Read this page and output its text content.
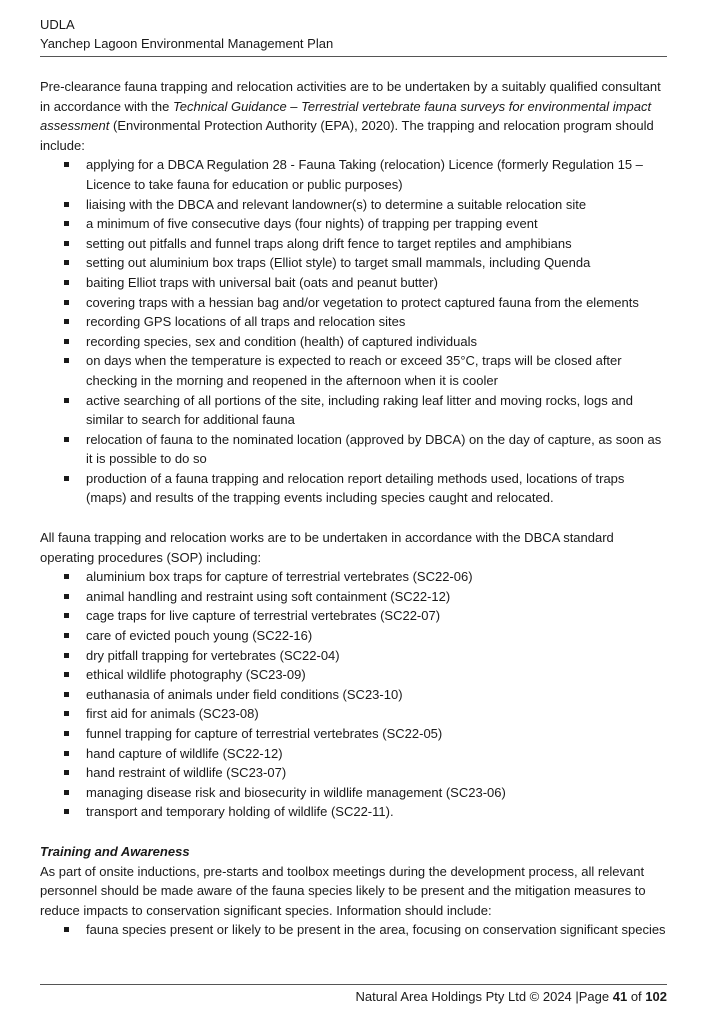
UDLA
Yanchep Lagoon Environmental Management Plan

Pre-clearance fauna trapping and relocation activities are to be undertaken by a suitably qualified consultant in accordance with the Technical Guidance – Terrestrial vertebrate fauna surveys for environmental impact assessment (Environmental Protection Authority (EPA), 2020). The trapping and relocation program should include:

applying for a DBCA Regulation 28 - Fauna Taking (relocation) Licence (formerly Regulation 15 – Licence to take fauna for education or public purposes)
liaising with the DBCA and relevant landowner(s) to determine a suitable relocation site
a minimum of five consecutive days (four nights) of trapping per trapping event
setting out pitfalls and funnel traps along drift fence to target reptiles and amphibians
setting out aluminium box traps (Elliot style) to target small mammals, including Quenda
baiting Elliot traps with universal bait (oats and peanut butter)
covering traps with a hessian bag and/or vegetation to protect captured fauna from the elements
recording GPS locations of all traps and relocation sites
recording species, sex and condition (health) of captured individuals
on days when the temperature is expected to reach or exceed 35°C, traps will be closed after checking in the morning and reopened in the afternoon when it is cooler
active searching of all portions of the site, including raking leaf litter and moving rocks, logs and similar to search for additional fauna
relocation of fauna to the nominated location (approved by DBCA) on the day of capture, as soon as it is possible to do so
production of a fauna trapping and relocation report detailing methods used, locations of traps (maps) and results of the trapping events including species caught and relocated.

All fauna trapping and relocation works are to be undertaken in accordance with the DBCA standard operating procedures (SOP) including:

aluminium box traps for capture of terrestrial vertebrates (SC22-06)
animal handling and restraint using soft containment (SC22-12)
cage traps for live capture of terrestrial vertebrates (SC22-07)
care of evicted pouch young (SC22-16)
dry pitfall trapping for vertebrates (SC22-04)
ethical wildlife photography (SC23-09)
euthanasia of animals under field conditions (SC23-10)
first aid for animals (SC23-08)
funnel trapping for capture of terrestrial vertebrates (SC22-05)
hand capture of wildlife (SC22-12)
hand restraint of wildlife (SC23-07)
managing disease risk and biosecurity in wildlife management (SC23-06)
transport and temporary holding of wildlife (SC22-11).

Training and Awareness

As part of onsite inductions, pre-starts and toolbox meetings during the development process, all relevant personnel should be made aware of the fauna species likely to be present and the mitigation measures to reduce impacts to conservation significant species. Information should include:

fauna species present or likely to be present in the area, focusing on conservation significant species
Natural Area Holdings Pty Ltd © 2024 |Page 41 of 102
